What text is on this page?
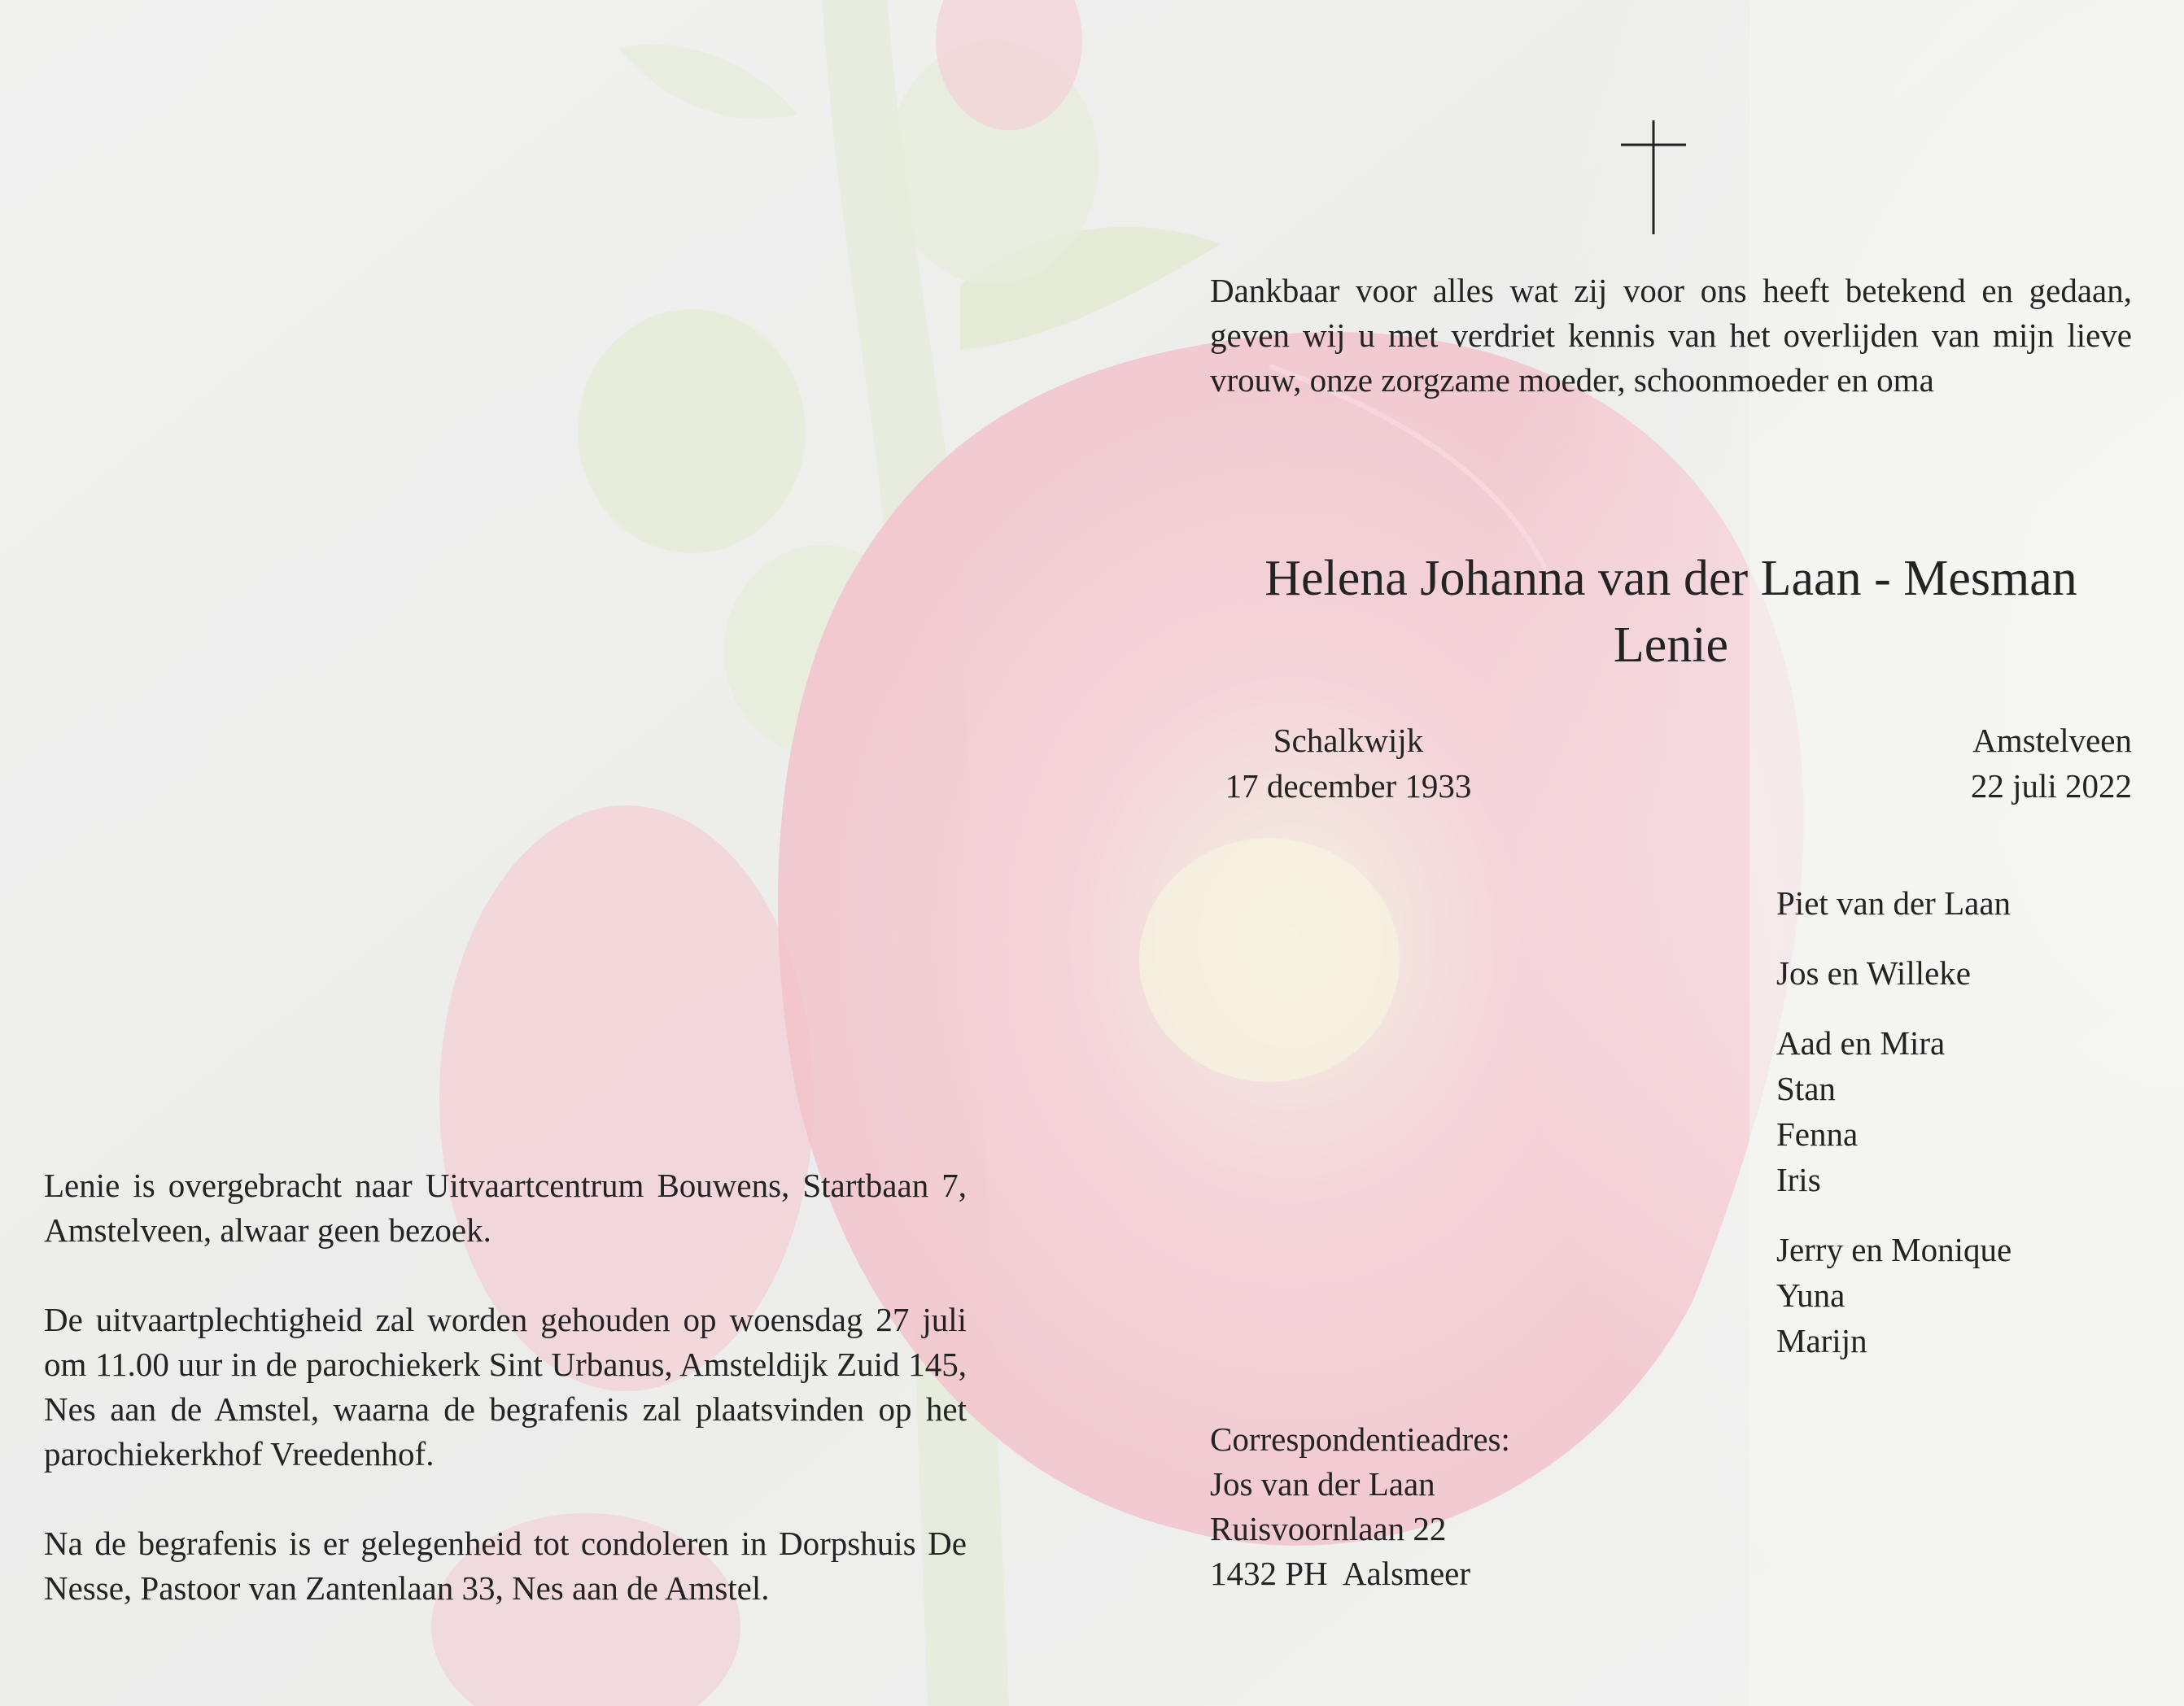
Dankbaar voor alles wat zij voor ons heeft betekend en gedaan, geven wij u met verdriet kennis van het overlijden van mijn lieve vrouw, onze zorgzame moeder, schoonmoeder en oma
Helena Johanna van der Laan - Mesman
Lenie
Schalkwijk
17 december 1933
Amstelveen
22 juli 2022
Piet van der Laan
Jos en Willeke
Aad en Mira
Stan
Fenna
Iris
Jerry en Monique
Yuna
Marijn

Lenie is overgebracht naar Uitvaartcentrum Bouwens, Startbaan 7, Amstelveen, alwaar geen bezoek.

De uitvaartplechtigheid zal worden gehouden op woensdag 27 juli om 11.00 uur in de parochiekerk Sint Urbanus, Amsteldijk Zuid 145, Nes aan de Amstel, waarna de begrafenis zal plaatsvinden op het parochiekerkhof Vreedenhof.

Na de begrafenis is er gelegenheid tot condoleren in Dorpshuis De Nesse, Pastoor van Zantenlaan 33, Nes aan de Amstel.

Correspondentieadres:
Jos van der Laan
Ruisvoornlaan 22
1432 PH  Aalsmeer
